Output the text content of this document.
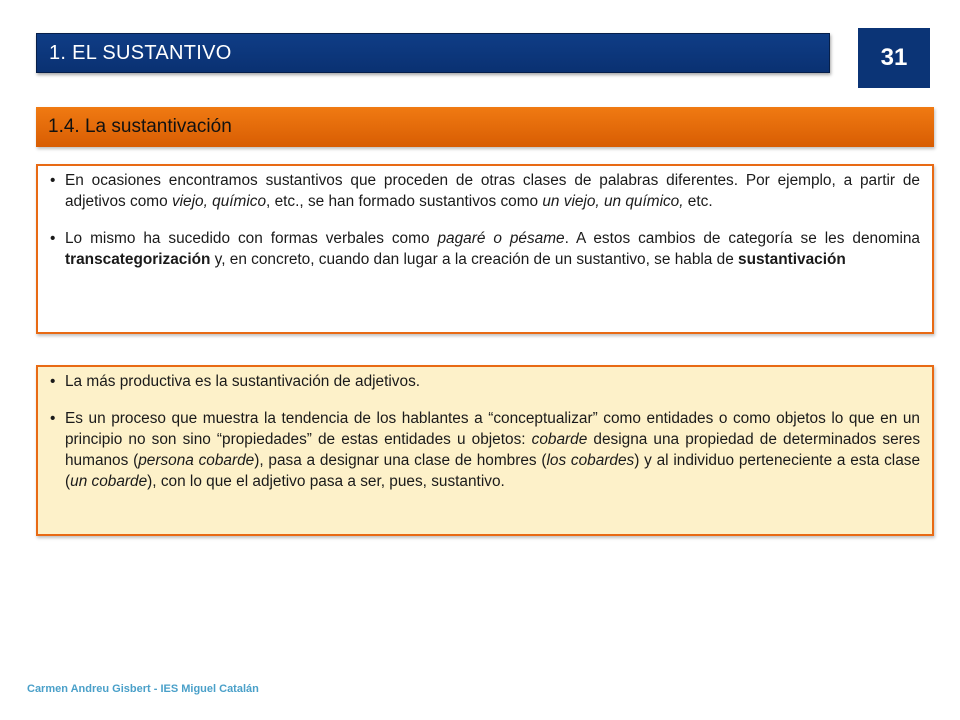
1. EL SUSTANTIVO	31
1.4. La sustantivación
• En ocasiones encontramos sustantivos que proceden de otras clases de palabras diferentes. Por ejemplo, a partir de adjetivos como viejo, químico, etc., se han formado sustantivos como un viejo, un químico, etc.
• Lo mismo ha sucedido con formas verbales como pagaré o pésame. A estos cambios de categoría se les denomina transcategorización y, en concreto, cuando dan lugar a la creación de un sustantivo, se habla de sustantivación
• La más productiva es la sustantivación de adjetivos.
• Es un proceso que muestra la tendencia de los hablantes a “conceptualizar” como entidades o como objetos lo que en un principio no son sino “propiedades” de estas entidades u objetos: cobarde designa una propiedad de determinados seres humanos (persona cobarde), pasa a designar una clase de hombres (los cobardes) y al individuo perteneciente a esta clase (un cobarde), con lo que el adjetivo pasa a ser, pues, sustantivo.
Carmen Andreu Gisbert - IES Miguel Catalán
